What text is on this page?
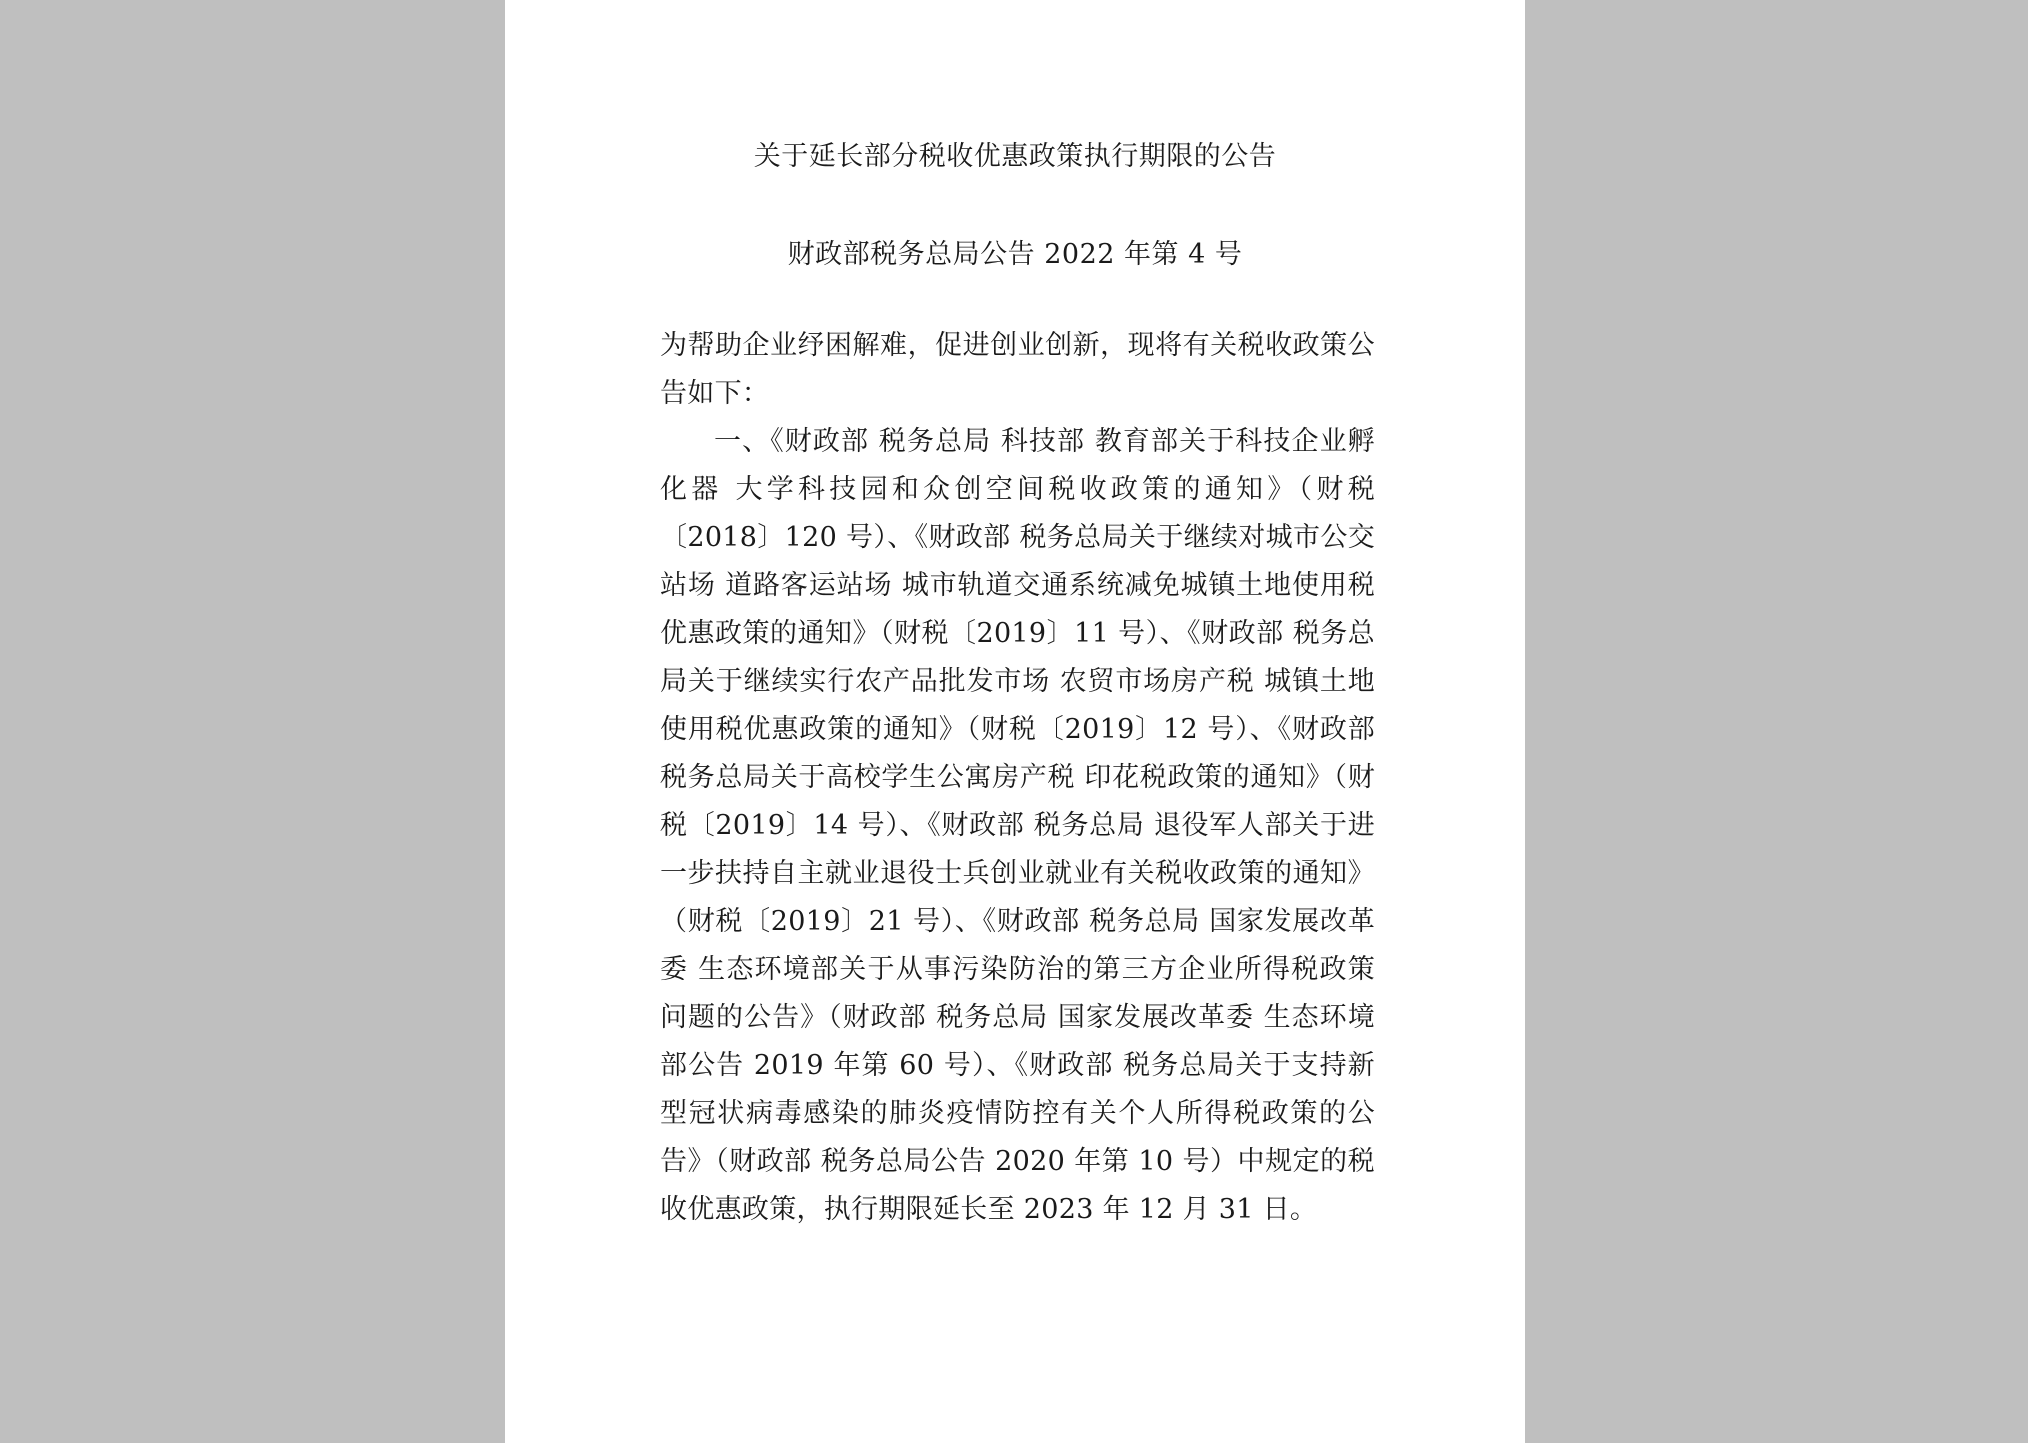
关于延长部分税收优惠政策执行期限的公告
财政部税务总局公告 2022 年第 4 号

为帮助企业纾困解难，促进创业创新，现将有关税收政策公告如下：

一、《财政部 税务总局 科技部 教育部关于科技企业孵化器 大学科技园和众创空间税收政策的通知》（财税〔2018〕120 号）、《财政部 税务总局关于继续对城市公交站场 道路客运站场 城市轨道交通系统减免城镇土地使用税优惠政策的通知》（财税〔2019〕11 号）、《财政部 税务总局关于继续实行农产品批发市场 农贸市场房产税 城镇土地使用税优惠政策的通知》（财税〔2019〕12 号）、《财政部 税务总局关于高校学生公寓房产税 印花税政策的通知》（财税〔2019〕14 号）、《财政部 税务总局 退役军人部关于进一步扶持自主就业退役士兵创业就业有关税收政策的通知》（财税〔2019〕21 号）、《财政部 税务总局 国家发展改革委 生态环境部关于从事污染防治的第三方企业所得税政策问题的公告》（财政部 税务总局 国家发展改革委 生态环境部公告 2019 年第 60 号）、《财政部 税务总局关于支持新型冠状病毒感染的肺炎疫情防控有关个人所得税政策的公告》（财政部 税务总局公告 2020 年第 10 号）中规定的税收优惠政策，执行期限延长至 2023 年 12 月 31 日。
